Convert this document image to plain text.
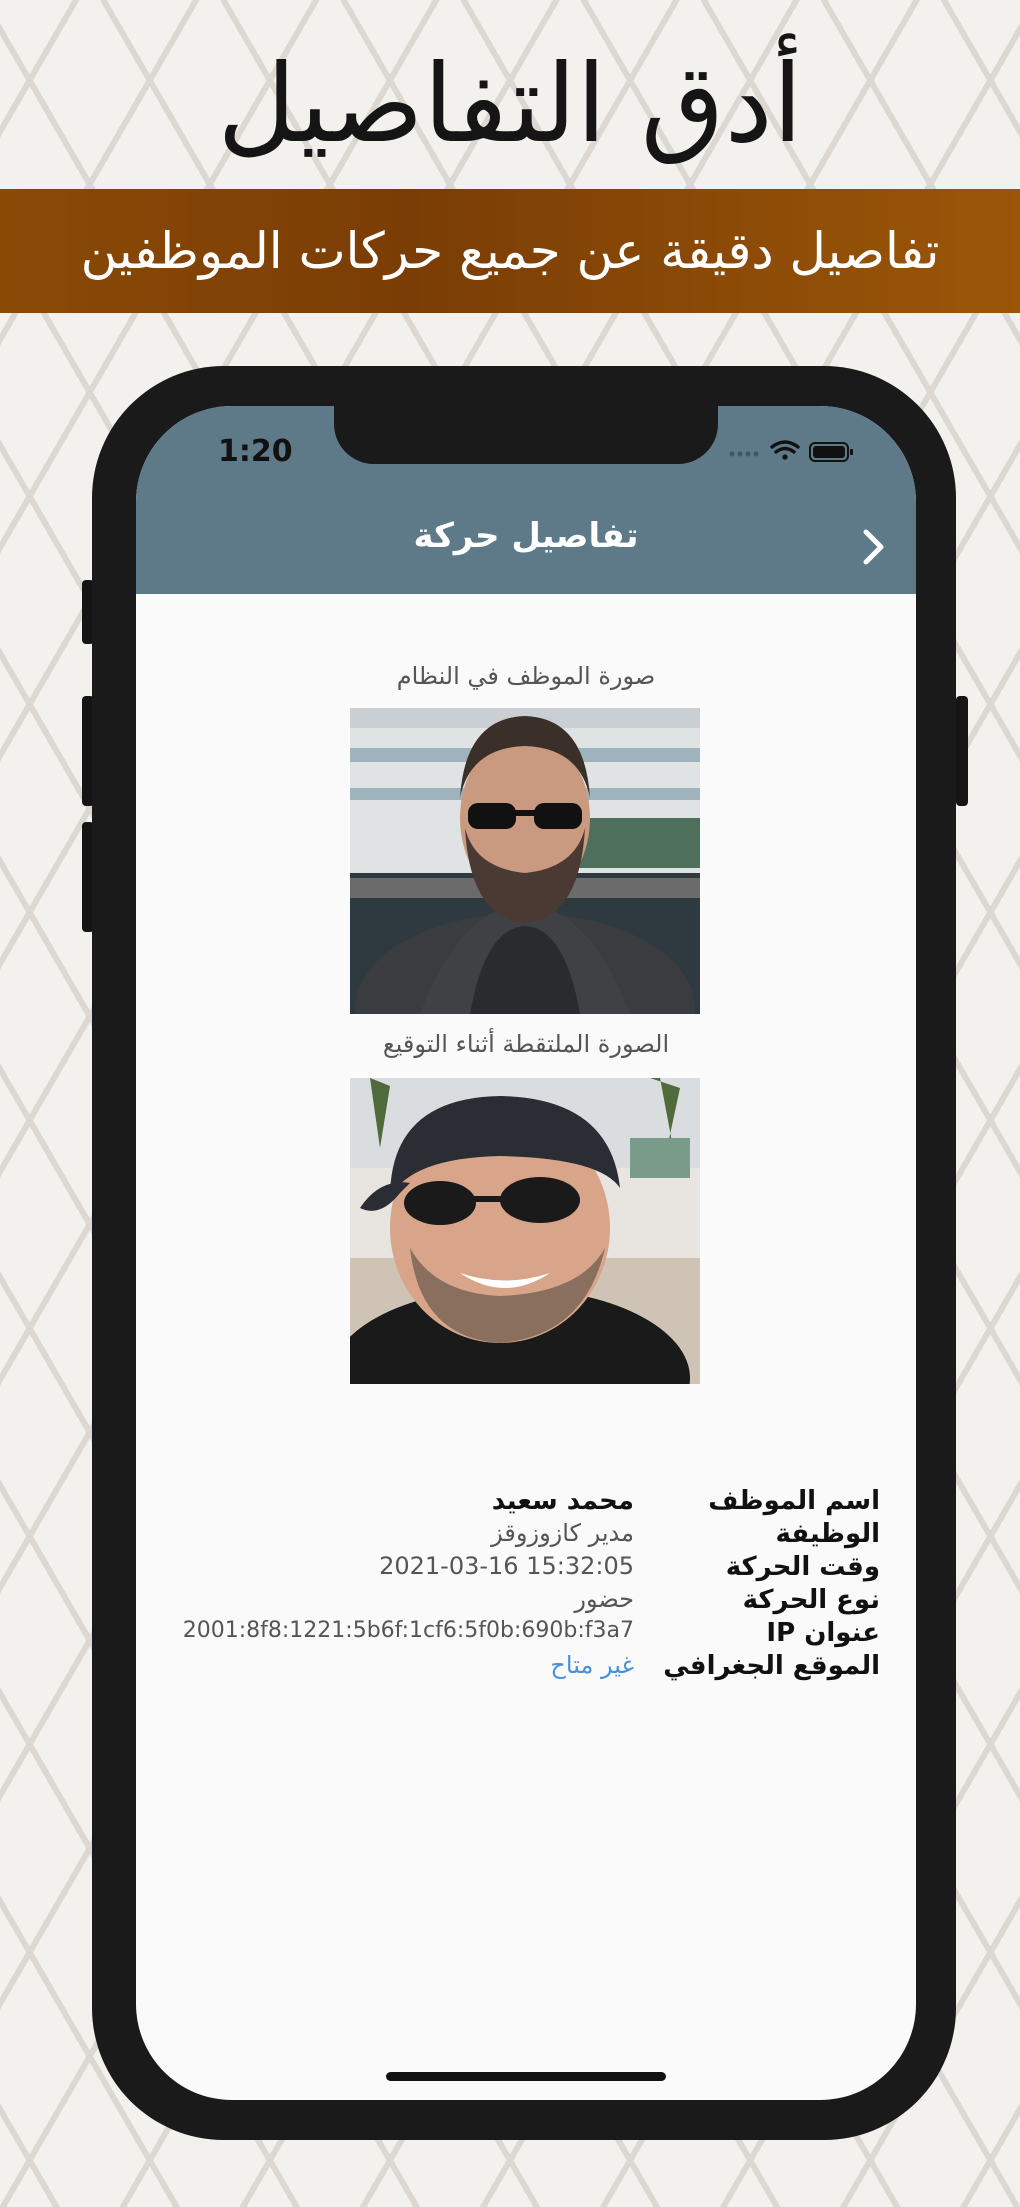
أدق التفاصيل
تفاصيل دقيقة عن جميع حركات الموظفين
1:20
تفاصيل حركة
صورة الموظف في النظام
الصورة الملتقطة أثناء التوقيع
اسم الموظف
محمد سعيد
الوظيفة
مدير كازوزوقز
وقت الحركة
2021-03-16 15:32:05
نوع الحركة
حضور
عنوان IP
2001:8f8:1221:5b6f:1cf6:5f0b:690b:f3a7
الموقع الجغرافي
غير متاح
